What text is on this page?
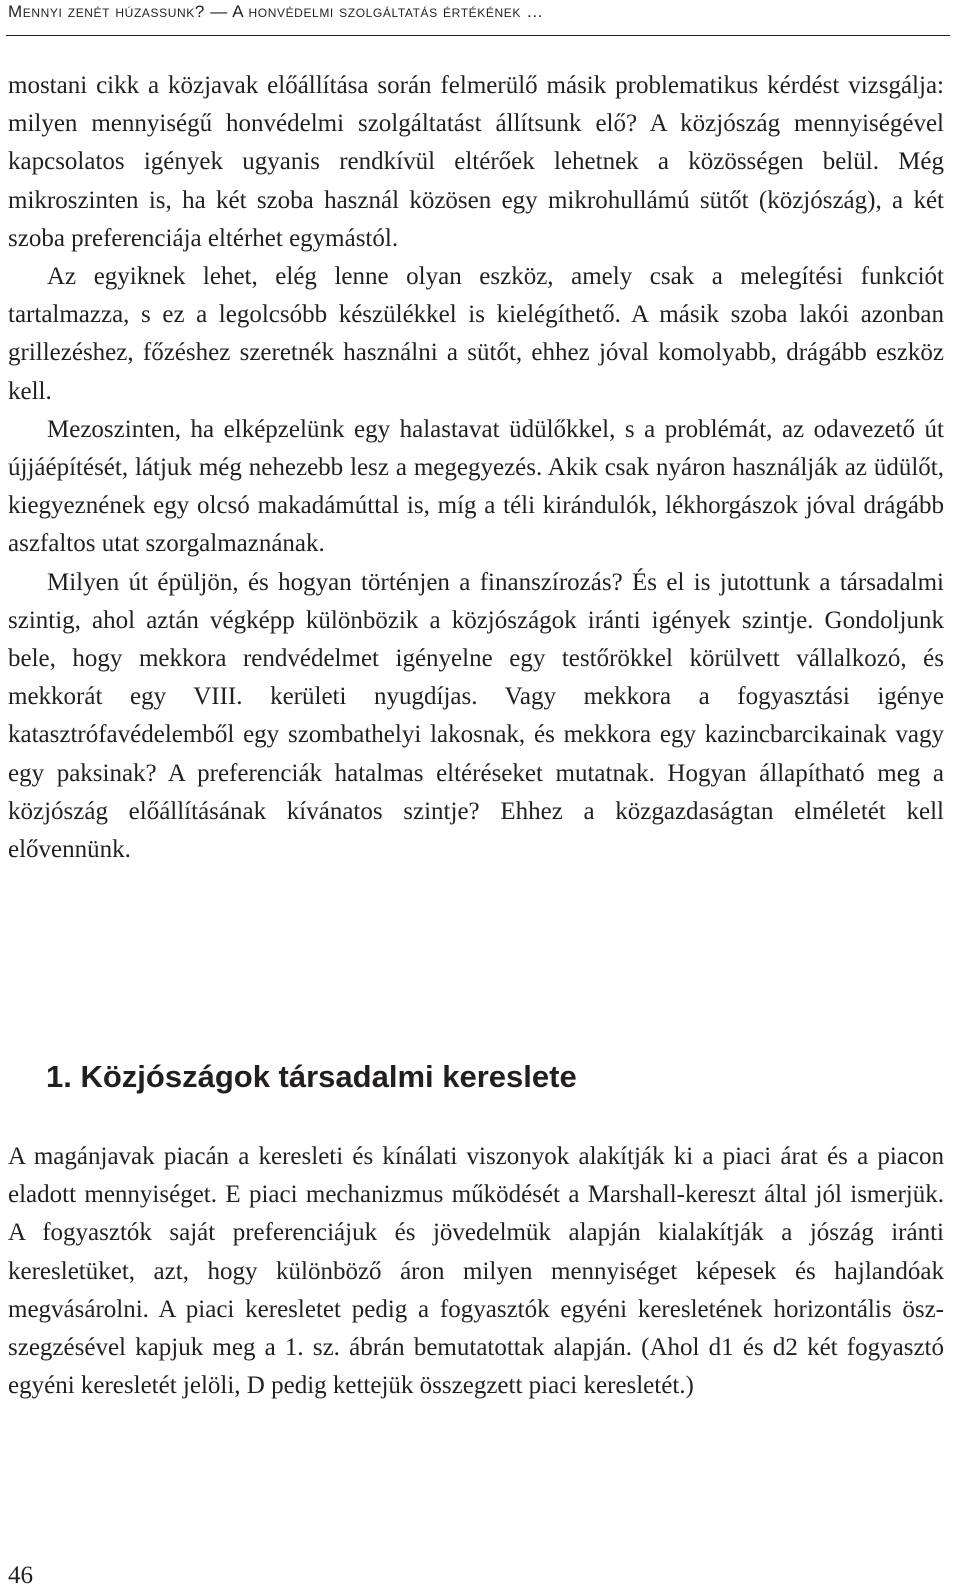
Mennyi zenét húzassunk? — A honvédelmi szolgáltatás értékének …

mostani cikk a közjavak előállítása során felmerülő másik problematikus kérdést vizsgálja: milyen mennyiségű honvédelmi szolgáltatást állítsunk elő? A közjószág mennyiségével kapcsolatos igények ugyanis rendkívül eltérőek lehetnek a közösségen belül. Még mikroszinten is, ha két szoba használ közösen egy mikrohullámú sütőt (közjószág), a két szoba preferenciája eltérhet egymástól.

Az egyiknek lehet, elég lenne olyan eszköz, amely csak a melegítési funkciót tartalmazza, s ez a legolcsóbb készülékkel is kielégíthető. A másik szoba lakói azonban grillezéshez, főzéshez szeretnék használni a sütőt, ehhez jóval komolyabb, drágább eszköz kell.

Mezoszinten, ha elképzelünk egy halastavat üdülőkkel, s a problémát, az odavezető út újjáépítését, látjuk még nehezebb lesz a megegyezés. Akik csak nyáron használják az üdülőt, kiegyeznének egy olcsó makadámúttal is, míg a téli kirándulók, lékhorgászok jóval drágább aszfaltos utat szorgalmaznának.

Milyen út épüljön, és hogyan történjen a finanszírozás? És el is jutottunk a társadalmi szintig, ahol aztán végképp különbözik a közjószágok iránti igények szintje. Gondoljunk bele, hogy mekkora rendvédelmet igényelne egy testőrökkel körülvett vállalkozó, és mekkorát egy VIII. kerületi nyugdíjas. Vagy mekkora a fogyasztási igénye katasztrófavédelemből egy szombathelyi lakosnak, és mekkora egy kazincbarcikainak vagy egy paksinak? A preferenciák hatalmas eltéréseket mutatnak. Hogyan állapítható meg a közjószág előállításának kívánatos szintje? Ehhez a közgazdaságtan elméletét kell elővennünk.

1. Közjószágok társadalmi kereslete

A magánjavak piacán a keresleti és kínálati viszonyok alakítják ki a piaci árat és a piacon eladott mennyiséget. E piaci mechanizmus működését a Marshall-kereszt által jól ismerjük. A fogyasztók saját preferenciájuk és jövedelmük alapján kialakítják a jószág iránti keresletüket, azt, hogy különböző áron milyen mennyiséget képesek és hajlandóak megvásárolni. A piaci keresletet pedig a fogyasztók egyéni keresletének horizontális öszszegzésével kapjuk meg a 1. sz. ábrán bemutatottak alapján. (Ahol d1 és d2 két fogyasztó egyéni keresletét jelöli, D pedig kettejük összegzett piaci keresletét.)

46
